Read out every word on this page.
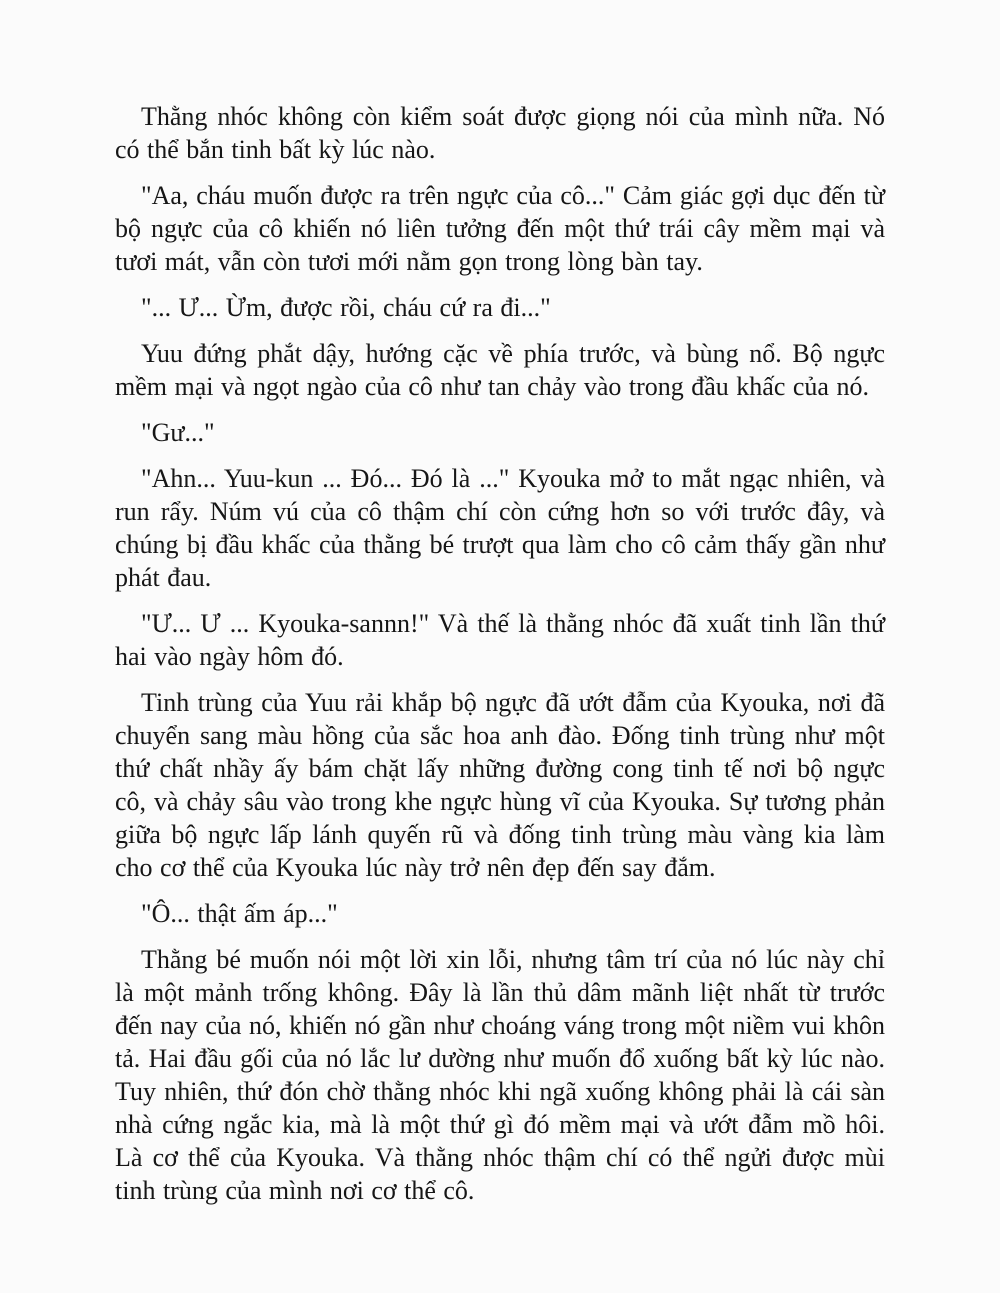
Thằng nhóc không còn kiểm soát được giọng nói của mình nữa. Nó có thể bắn tinh bất kỳ lúc nào.

"Aa, cháu muốn được ra trên ngực của cô..." Cảm giác gợi dục đến từ bộ ngực của cô khiến nó liên tưởng đến một thứ trái cây mềm mại và tươi mát, vẫn còn tươi mới nằm gọn trong lòng bàn tay.

"... Ư... Ừm, được rồi, cháu cứ ra đi..."

Yuu đứng phắt dậy, hướng cặc về phía trước, và bùng nổ. Bộ ngực mềm mại và ngọt ngào của cô như tan chảy vào trong đầu khấc của nó.

"Gư..."

"Ahn... Yuu-kun ... Đó... Đó là ..." Kyouka mở to mắt ngạc nhiên, và run rẩy. Núm vú của cô thậm chí còn cứng hơn so với trước đây, và chúng bị đầu khấc của thằng bé trượt qua làm cho cô cảm thấy gần như phát đau.

"Ư... Ư ... Kyouka-sannn!" Và thế là thằng nhóc đã xuất tinh lần thứ hai vào ngày hôm đó.

Tinh trùng của Yuu rải khắp bộ ngực đã ướt đẫm của Kyouka, nơi đã chuyển sang màu hồng của sắc hoa anh đào. Đống tinh trùng như một thứ chất nhầy ấy bám chặt lấy những đường cong tinh tế nơi bộ ngực cô, và chảy sâu vào trong khe ngực hùng vĩ của Kyouka. Sự tương phản giữa bộ ngực lấp lánh quyến rũ và đống tinh trùng màu vàng kia làm cho cơ thể của Kyouka lúc này trở nên đẹp đến say đắm.

"Ô... thật ấm áp..."

Thằng bé muốn nói một lời xin lỗi, nhưng tâm trí của nó lúc này chỉ là một mảnh trống không. Đây là lần thủ dâm mãnh liệt nhất từ trước đến nay của nó, khiến nó gần như choáng váng trong một niềm vui khôn tả. Hai đầu gối của nó lắc lư dường như muốn đổ xuống bất kỳ lúc nào. Tuy nhiên, thứ đón chờ thằng nhóc khi ngã xuống không phải là cái sàn nhà cứng ngắc kia, mà là một thứ gì đó mềm mại và ướt đẫm mồ hôi. Là cơ thể của Kyouka. Và thằng nhóc thậm chí có thể ngửi được mùi tinh trùng của mình nơi cơ thể cô.
